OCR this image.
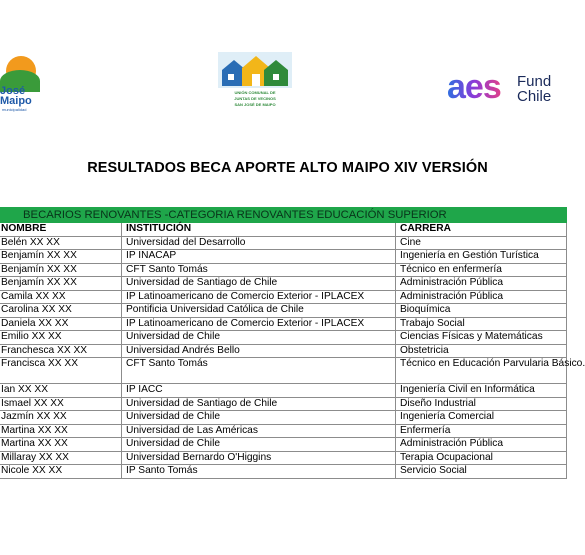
José
Maipo
municipalidad
UNIÓN COMUNAL DE
JUNTAS DE VECINOS
SAN JOSÉ DE MAIPO	aes Fund
Chile
RESULTADOS BECA APORTE ALTO MAIPO XIV VERSIÓN
BECARIOS RENOVANTES -CATEGORIA RENOVANTES EDUCACIÓN SUPERIOR		
NOMBRE	INSTITUCIÓN	CARRERA
Belén XX XX	Universidad del Desarrollo	Cine
Benjamín XX XX	IP INACAP	Ingeniería en Gestión Turística
Benjamín XX XX	CFT Santo Tomás	Técnico en enfermería
Benjamín XX XX	Universidad de Santiago de Chile	Administración Pública
Camila XX XX	IP Latinoamericano de Comercio Exterior - IPLACEX	Administración Pública
Carolina XX XX	Pontificia Universidad Católica de Chile	Bioquímica
Daniela XX XX	IP Latinoamericano de Comercio Exterior - IPLACEX	Trabajo Social
Emilio XX XX	Universidad de Chile	Ciencias Físicas y Matemáticas
Franchesca XX XX	Universidad Andrés Bello	Obstetricia
Francisca XX XX	CFT Santo Tomás	Técnico en Educación Parvularia Básico.
Ian XX XX	IP IACC	Ingeniería Civil en Informática
Ismael XX XX	Universidad de Santiago de Chile	Diseño Industrial
Jazmín XX XX	Universidad de Chile	Ingeniería Comercial
Martina XX XX	Universidad de Las Américas	Enfermería
Martina XX XX	Universidad de Chile	Administración Pública
Millaray XX XX	Universidad Bernardo O'Higgins	Terapia Ocupacional
Nicole XX XX	IP Santo Tomás	Servicio Social
